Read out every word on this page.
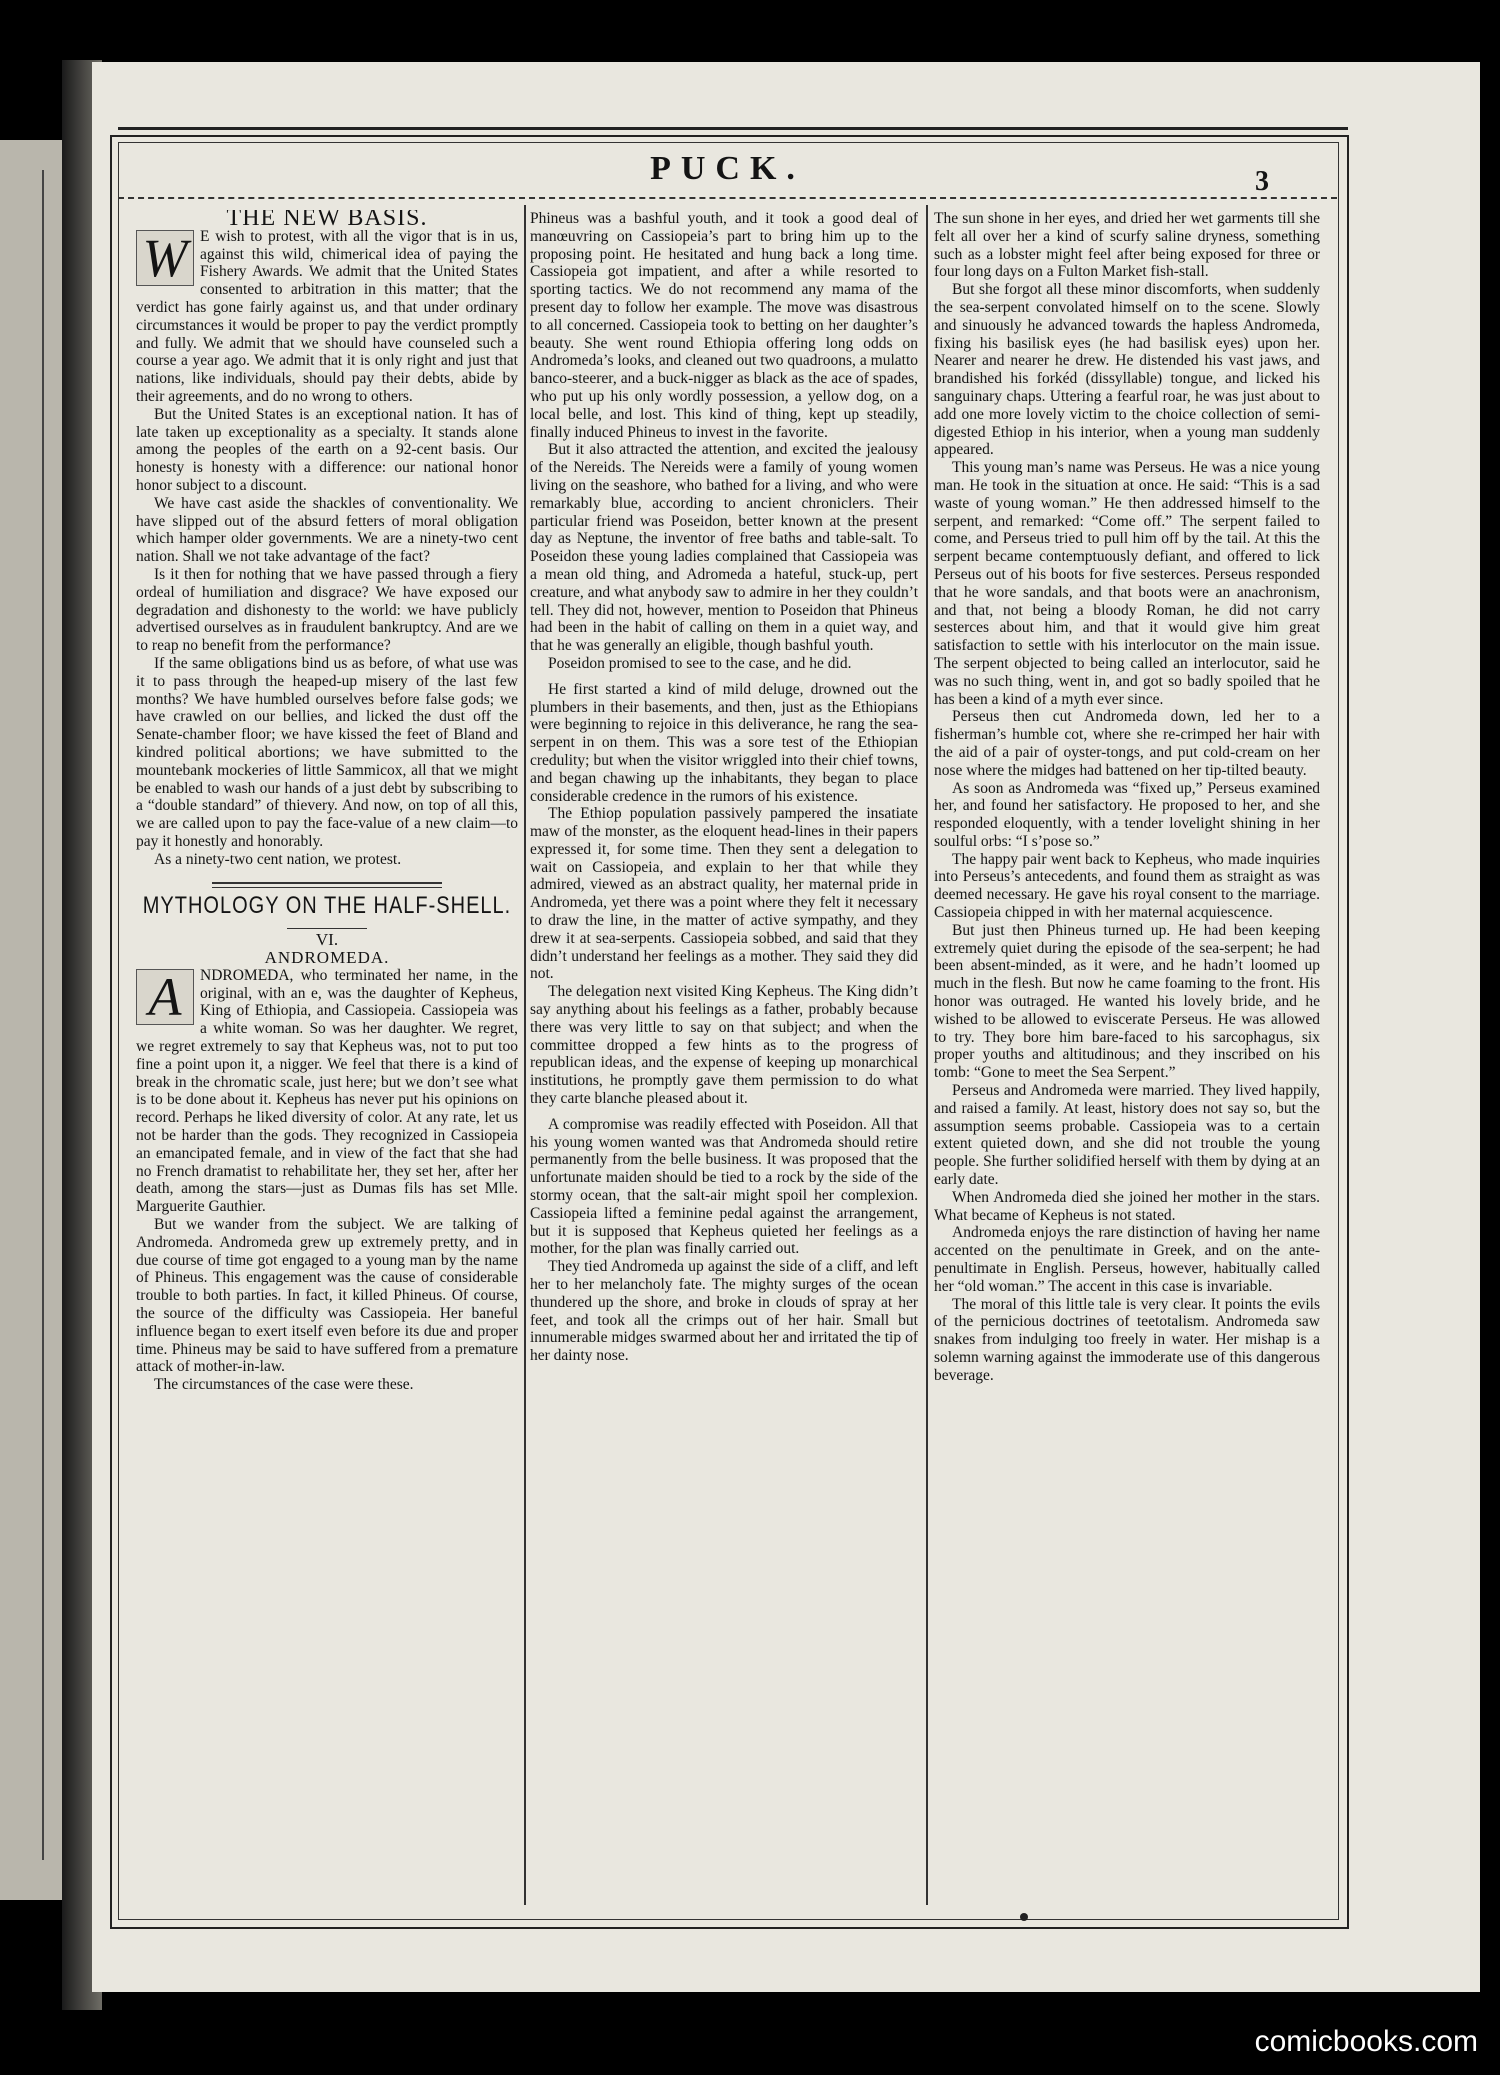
PUCK.	3

THE NEW BASIS.

W E wish to protest, with all the vigor that is in us, against this wild, chimerical idea of paying the Fishery Awards. We admit that the United States consented to arbitration in this matter; that the verdict has gone fairly against us, and that under ordinary circumstances it would be proper to pay the verdict promptly and fully. We admit that we should have counseled such a course a year ago. We admit that it is only right and just that nations, like individuals, should pay their debts, abide by their agreements, and do no wrong to others.

But the United States is an exceptional nation. It has of late taken up exceptionality as a specialty. It stands alone among the peoples of the earth on a 92-cent basis. Our honesty is honesty with a difference: our national honor honor subject to a discount.

We have cast aside the shackles of conventionality. We have slipped out of the absurd fetters of moral obligation which hamper older governments. We are a ninety-two cent nation. Shall we not take advantage of the fact?

Is it then for nothing that we have passed through a fiery ordeal of humiliation and disgrace? We have exposed our degradation and dishonesty to the world: we have publicly advertised ourselves as in fraudulent bankruptcy. And are we to reap no benefit from the performance?

If the same obligations bind us as before, of what use was it to pass through the heaped-up misery of the last few months? We have humbled ourselves before false gods; we have crawled on our bellies, and licked the dust off the Senate-chamber floor; we have kissed the feet of Bland and kindred political abortions; we have submitted to the mountebank mockeries of little Sammicox, all that we might be enabled to wash our hands of a just debt by subscribing to a “double standard” of thievery. And now, on top of all this, we are called upon to pay the face-value of a new claim—to pay it honestly and honorably.

As a ninety-two cent nation, we protest.

MYTHOLOGY ON THE HALF-SHELL.

VI.

ANDROMEDA.

A	NDROMEDA, who terminated her name, in the original, with an e, was the daughter of Kepheus, King of Ethiopia, and Cassiopeia. Cassiopeia was a white woman. So was her daughter. We regret, we regret extremely to say that Kepheus was, not to put too fine a point upon it, a nigger. We feel that there is a kind of break in the chromatic scale, just here; but we don’t see what is to be done about it. Kepheus has never put his opinions on record. Perhaps he liked diversity of color. At any rate, let us not be harder than the gods. They recognized in Cassiopeia an emancipated female, and in view of the fact that she had no French dramatist to rehabilitate her, they set her, after her death, among the stars—just as Dumas fils has set Mlle. Marguerite Gauthier.

But we wander from the subject. We are talking of Andromeda. Andromeda grew up extremely pretty, and in due course of time got engaged to a young man by the name of Phineus. This engagement was the cause of considerable trouble to both parties. In fact, it killed Phineus. Of course, the source of the difficulty was Cassiopeia. Her baneful influence began to exert itself even before its due and proper time. Phineus may be said to have suffered from a premature attack of mother-in-law.

The circumstances of the case were these.

Phineus was a bashful youth, and it took a good deal of manœuvring on Cassiopeia’s part to bring him up to the proposing point. He hesitated and hung back a long time. Cassiopeia got impatient, and after a while resorted to sporting tactics. We do not recommend any mama of the present day to follow her example. The move was disastrous to all concerned. Cassiopeia took to betting on her daughter’s beauty. She went round Ethiopia offering long odds on Andromeda’s looks, and cleaned out two quadroons, a mulatto banco-steerer, and a buck-nigger as black as the ace of spades, who put up his only wordly possession, a yellow dog, on a local belle, and lost. This kind of thing, kept up steadily, finally induced Phineus to invest in the favorite.

But it also attracted the attention, and excited the jealousy of the Nereids. The Nereids were a family of young women living on the seashore, who bathed for a living, and who were remarkably blue, according to ancient chroniclers. Their particular friend was Poseidon, better known at the present day as Neptune, the inventor of free baths and table-salt. To Poseidon these young ladies complained that Cassiopeia was a mean old thing, and Adromeda a hateful, stuck-up, pert creature, and what anybody saw to admire in her they couldn’t tell. They did not, however, mention to Poseidon that Phineus had been in the habit of calling on them in a quiet way, and that he was generally an eligible, though bashful youth.

Poseidon promised to see to the case, and he did.

He first started a kind of mild deluge, drowned out the plumbers in their basements, and then, just as the Ethiopians were beginning to rejoice in this deliverance, he rang the sea-serpent in on them. This was a sore test of the Ethiopian credulity; but when the visitor wriggled into their chief towns, and began chawing up the inhabitants, they began to place considerable credence in the rumors of his existence.

The Ethiop population passively pampered the insatiate maw of the monster, as the eloquent head-lines in their papers expressed it, for some time. Then they sent a delegation to wait on Cassiopeia, and explain to her that while they admired, viewed as an abstract quality, her maternal pride in Andromeda, yet there was a point where they felt it necessary to draw the line, in the matter of active sympathy, and they drew it at sea-serpents. Cassiopeia sobbed, and said that they didn’t understand her feelings as a mother. They said they did not.

The delegation next visited King Kepheus. The King didn’t say anything about his feelings as a father, probably because there was very little to say on that subject; and when the committee dropped a few hints as to the progress of republican ideas, and the expense of keeping up monarchical institutions, he promptly gave them permission to do what they carte blanche pleased about it.

A compromise was readily effected with Poseidon. All that his young women wanted was that Andromeda should retire permanently from the belle business. It was proposed that the unfortunate maiden should be tied to a rock by the side of the stormy ocean, that the salt-air might spoil her complexion. Cassiopeia lifted a feminine pedal against the arrangement, but it is supposed that Kepheus quieted her feelings as a mother, for the plan was finally carried out.

They tied Andromeda up against the side of a cliff, and left her to her melancholy fate. The mighty surges of the ocean thundered up the shore, and broke in clouds of spray at her feet, and took all the crimps out of her hair. Small but innumerable midges swarmed about her and irritated the tip of her dainty nose.

The sun shone in her eyes, and dried her wet garments till she felt all over her a kind of scurfy saline dryness, something such as a lobster might feel after being exposed for three or four long days on a Fulton Market fish-stall.

But she forgot all these minor discomforts, when suddenly the sea-serpent convolated himself on to the scene. Slowly and sinuously he advanced towards the hapless Andromeda, fixing his basilisk eyes (he had basilisk eyes) upon her. Nearer and nearer he drew. He distended his vast jaws, and brandished his forkéd (dissyllable) tongue, and licked his sanguinary chaps. Uttering a fearful roar, he was just about to add one more lovely victim to the choice collection of semi-digested Ethiop in his interior, when a young man suddenly appeared.

This young man’s name was Perseus. He was a nice young man. He took in the situation at once. He said: “This is a sad waste of young woman.” He then addressed himself to the serpent, and remarked: “Come off.” The serpent failed to come, and Perseus tried to pull him off by the tail. At this the serpent became contemptuously defiant, and offered to lick Perseus out of his boots for five sesterces. Perseus responded that he wore sandals, and that boots were an anachronism, and that, not being a bloody Roman, he did not carry sesterces about him, and that it would give him great satisfaction to settle with his interlocutor on the main issue. The serpent objected to being called an interlocutor, said he was no such thing, went in, and got so badly spoiled that he has been a kind of a myth ever since.

Perseus then cut Andromeda down, led her to a fisherman’s humble cot, where she re-crimped her hair with the aid of a pair of oyster-tongs, and put cold-cream on her nose where the midges had battened on her tip-tilted beauty.

As soon as Andromeda was “fixed up,” Perseus examined her, and found her satisfactory. He proposed to her, and she responded eloquently, with a tender lovelight shining in her soulful orbs: “I s’pose so.”

The happy pair went back to Kepheus, who made inquiries into Perseus’s antecedents, and found them as straight as was deemed necessary. He gave his royal consent to the marriage. Cassiopeia chipped in with her maternal acquiescence.

But just then Phineus turned up. He had been keeping extremely quiet during the episode of the sea-serpent; he had been absent-minded, as it were, and he hadn’t loomed up much in the flesh. But now he came foaming to the front. His honor was outraged. He wanted his lovely bride, and he wished to be allowed to eviscerate Perseus. He was allowed to try. They bore him bare-faced to his sarcophagus, six proper youths and altitudinous; and they inscribed on his tomb: “Gone to meet the Sea Serpent.”

Perseus and Andromeda were married. They lived happily, and raised a family. At least, history does not say so, but the assumption seems probable. Cassiopeia was to a certain extent quieted down, and she did not trouble the young people. She further solidified herself with them by dying at an early date.

When Andromeda died she joined her mother in the stars. What became of Kepheus is not stated.

Andromeda enjoys the rare distinction of having her name accented on the penultimate in Greek, and on the ante-penultimate in English. Perseus, however, habitually called her “old woman.” The accent in this case is invariable.

The moral of this little tale is very clear. It points the evils of the pernicious doctrines of teetotalism. Andromeda saw snakes from indulging too freely in water. Her mishap is a solemn warning against the immoderate use of this dangerous beverage.

comicbooks.com
